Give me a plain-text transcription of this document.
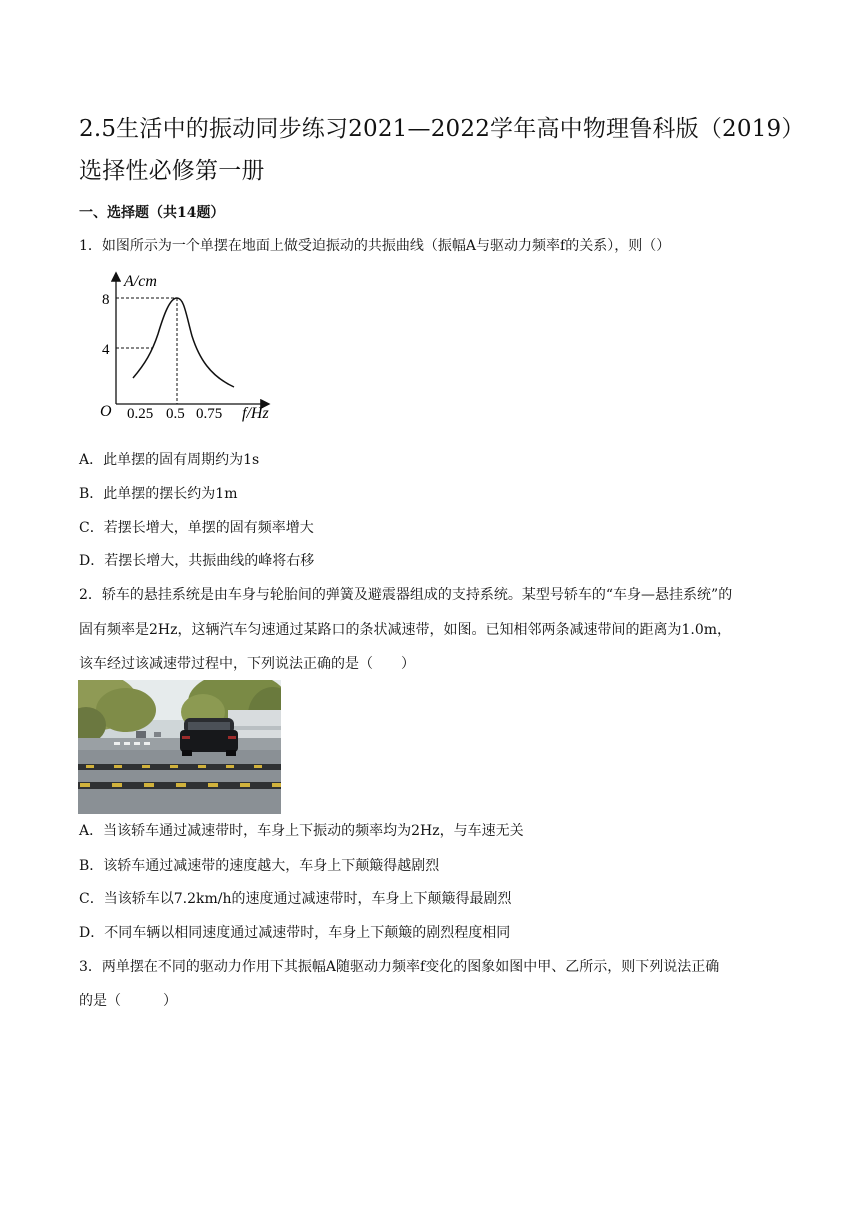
2.5生活中的振动同步练习2021—2022学年高中物理鲁科版（2019）
选择性必修第一册
一、选择题（共14题）
1．如图所示为一个单摆在地面上做受迫振动的共振曲线（振幅A与驱动力频率f的关系），则（）
A/cm
8
4
O 0.25 0.5 0.75 f/Hz
A．此单摆的固有周期约为1s
B．此单摆的摆长约为1m
C．若摆长增大，单摆的固有频率增大
D．若摆长增大，共振曲线的峰将右移
2．轿车的悬挂系统是由车身与轮胎间的弹簧及避震器组成的支持系统。某型号轿车的“车身—悬挂系统”的
固有频率是2Hz，这辆汽车匀速通过某路口的条状减速带，如图。已知相邻两条减速带间的距离为1.0m，
该车经过该减速带过程中，下列说法正确的是（　　）
A．当该轿车通过减速带时，车身上下振动的频率均为2Hz，与车速无关
B．该轿车通过减速带的速度越大，车身上下颠簸得越剧烈
C．当该轿车以7.2km/h的速度通过减速带时，车身上下颠簸得最剧烈
D．不同车辆以相同速度通过减速带时，车身上下颠簸的剧烈程度相同
3．两单摆在不同的驱动力作用下其振幅A随驱动力频率f变化的图象如图中甲、乙所示，则下列说法正确
的是（　　　）
